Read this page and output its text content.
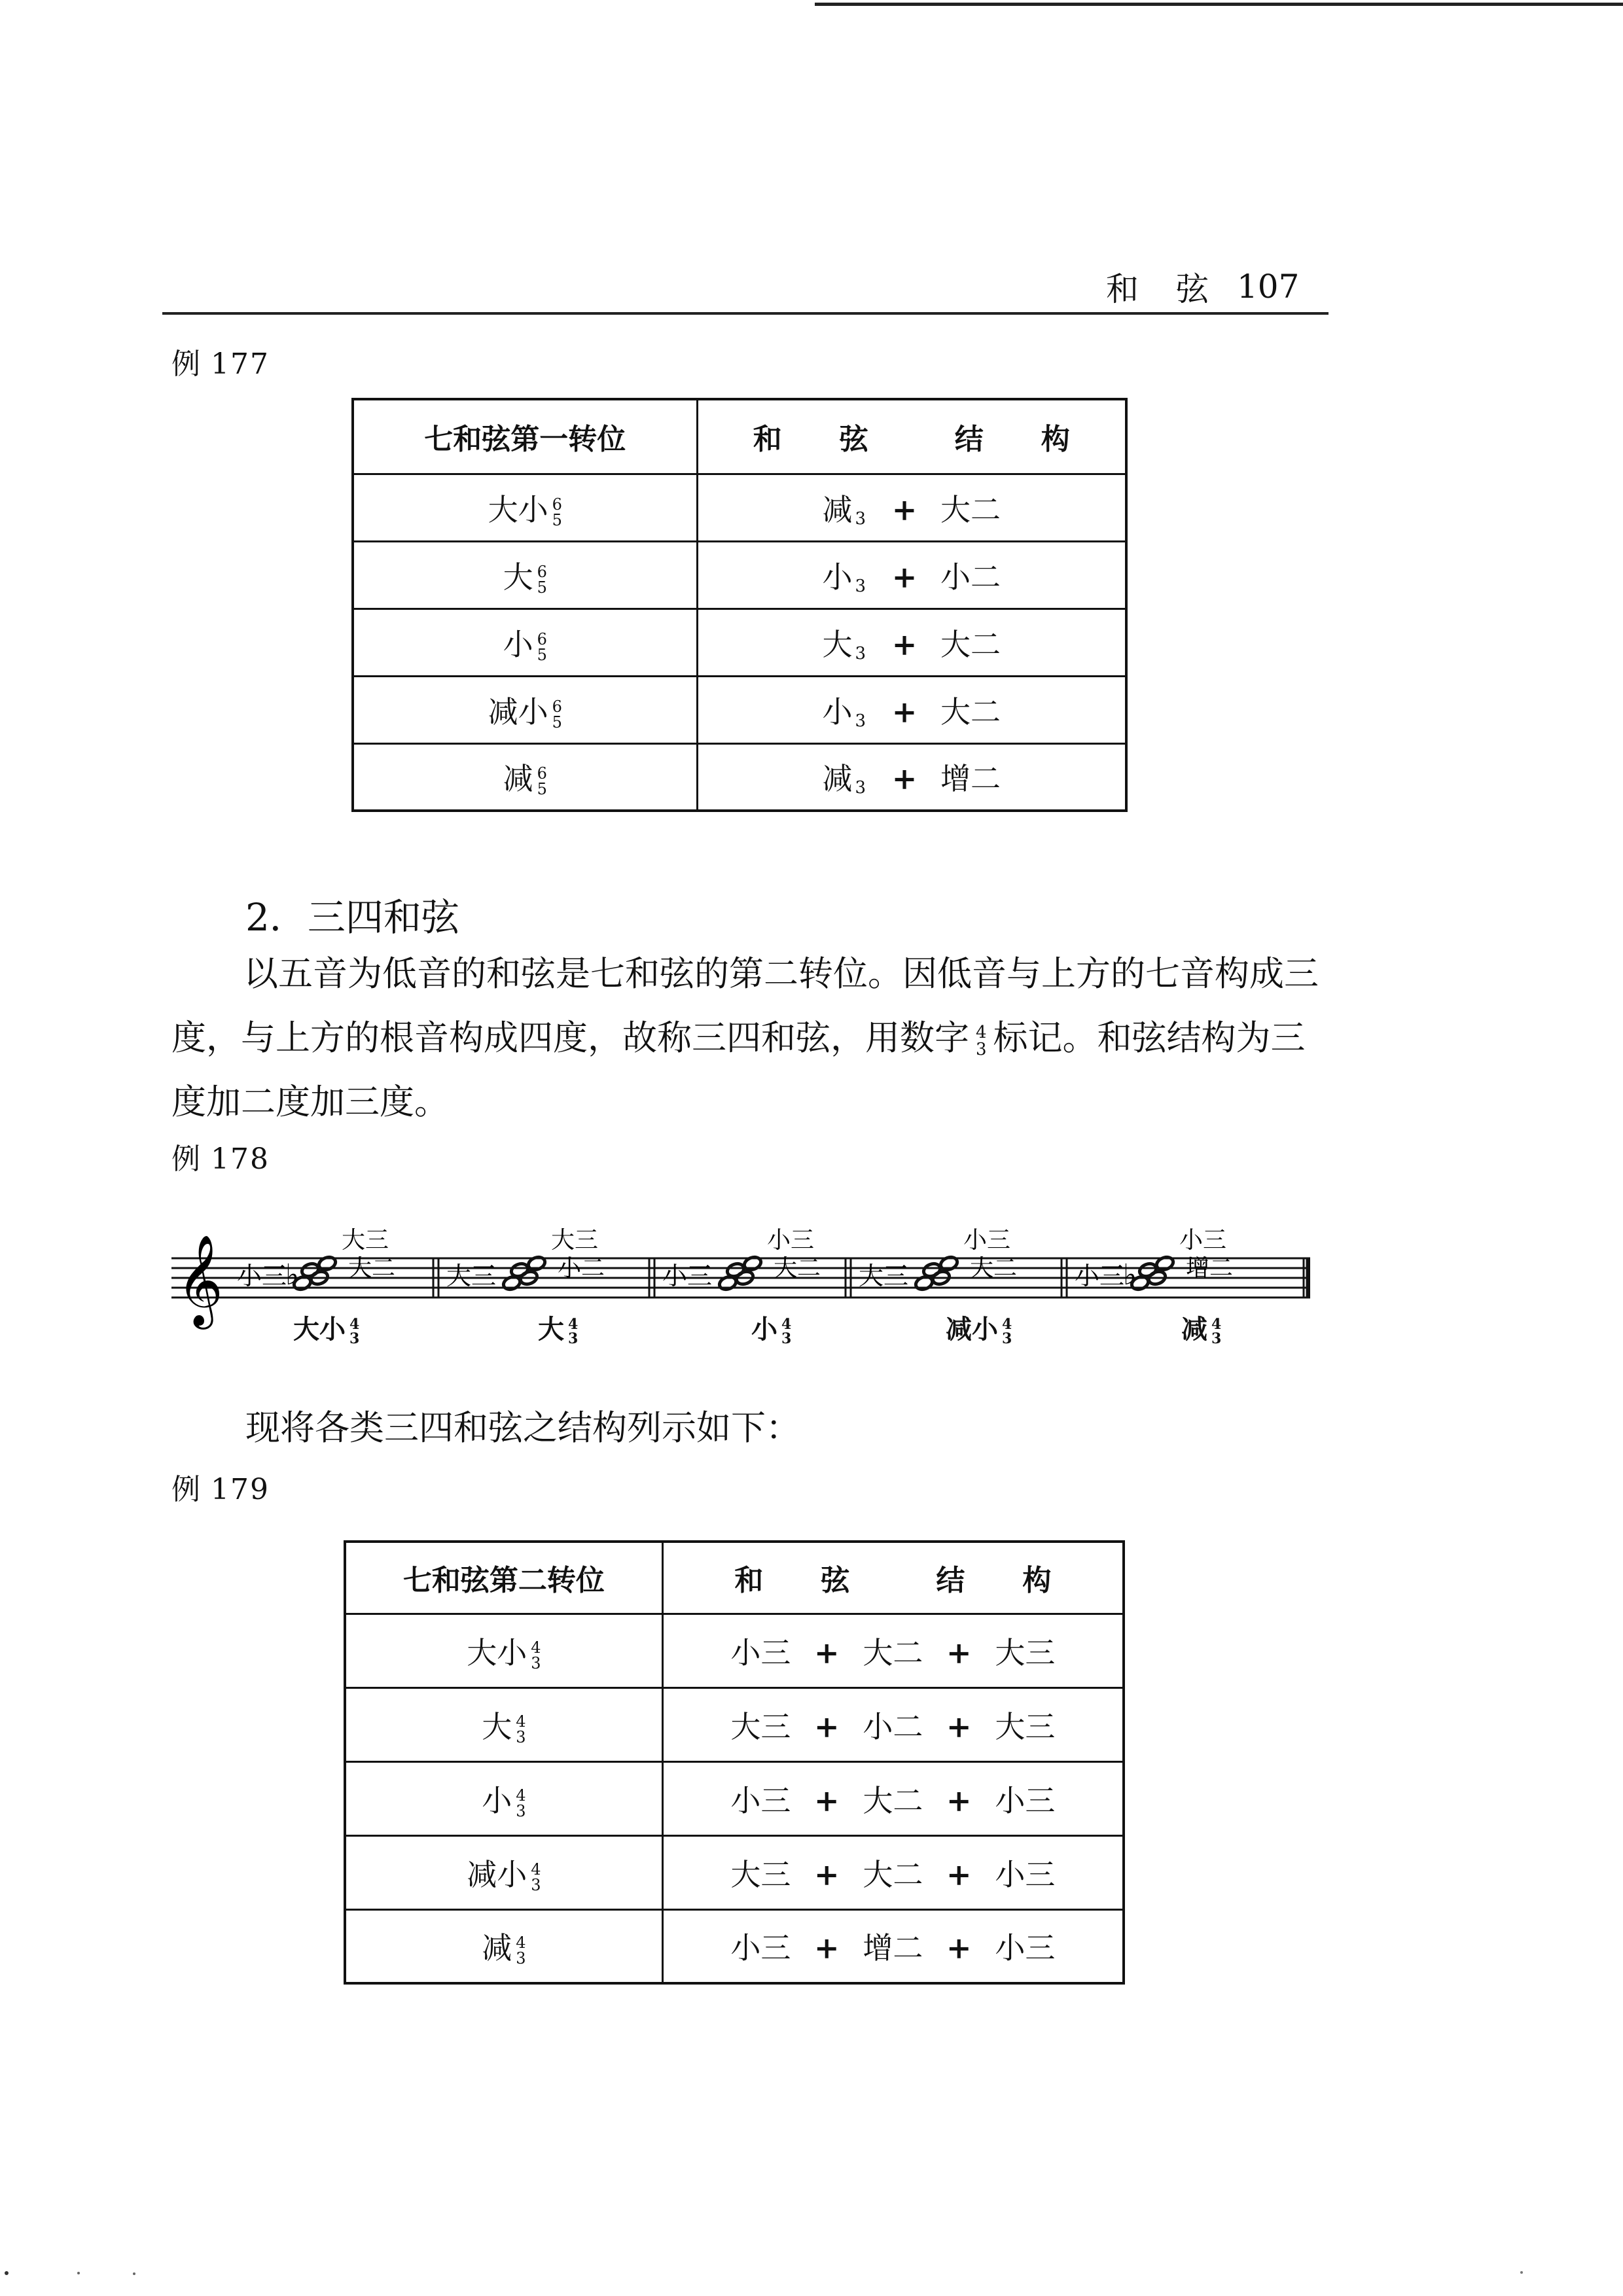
和 弦 107
例 177
七和弦第一转位	和　　弦　　　结　　构
大小 6
5	减 $_3$ + 大二
大 6
5	小 $_3$ + 小二
小 6
5	大 $_3$ + 大二
减小 6
5	小 $_3$ + 大二
减 6
5	减 $_3$ + 增二
2．三四和弦

以五音为低音的和弦是七和弦的第二转位。因低音与上方的七音构成三度，与上方的根音构成四度，故称三四和弦，用数字 4
3 标记。和弦结构为三度加二度加三度。

例 178
𝄞 小三
♭ 大二
大三
大三	小二
大三
小三	大二
小三
大三	大二
小三
小三
♭ 增二
小三
大小 4
3	大 4
3	小 4
3	减小 4
3	减 4
3
现将各类三四和弦之结构列示如下：
例 179
七和弦第二转位	和　　弦　　　结　　构
大小 4
3	小三 + 大二 + 大三
大 4
3	大三 + 小二 + 大三
小 4
3	小三 + 大二 + 小三
减小 4
3	大三 + 大二 + 小三
减 4
3	小三 + 增二 + 小三
